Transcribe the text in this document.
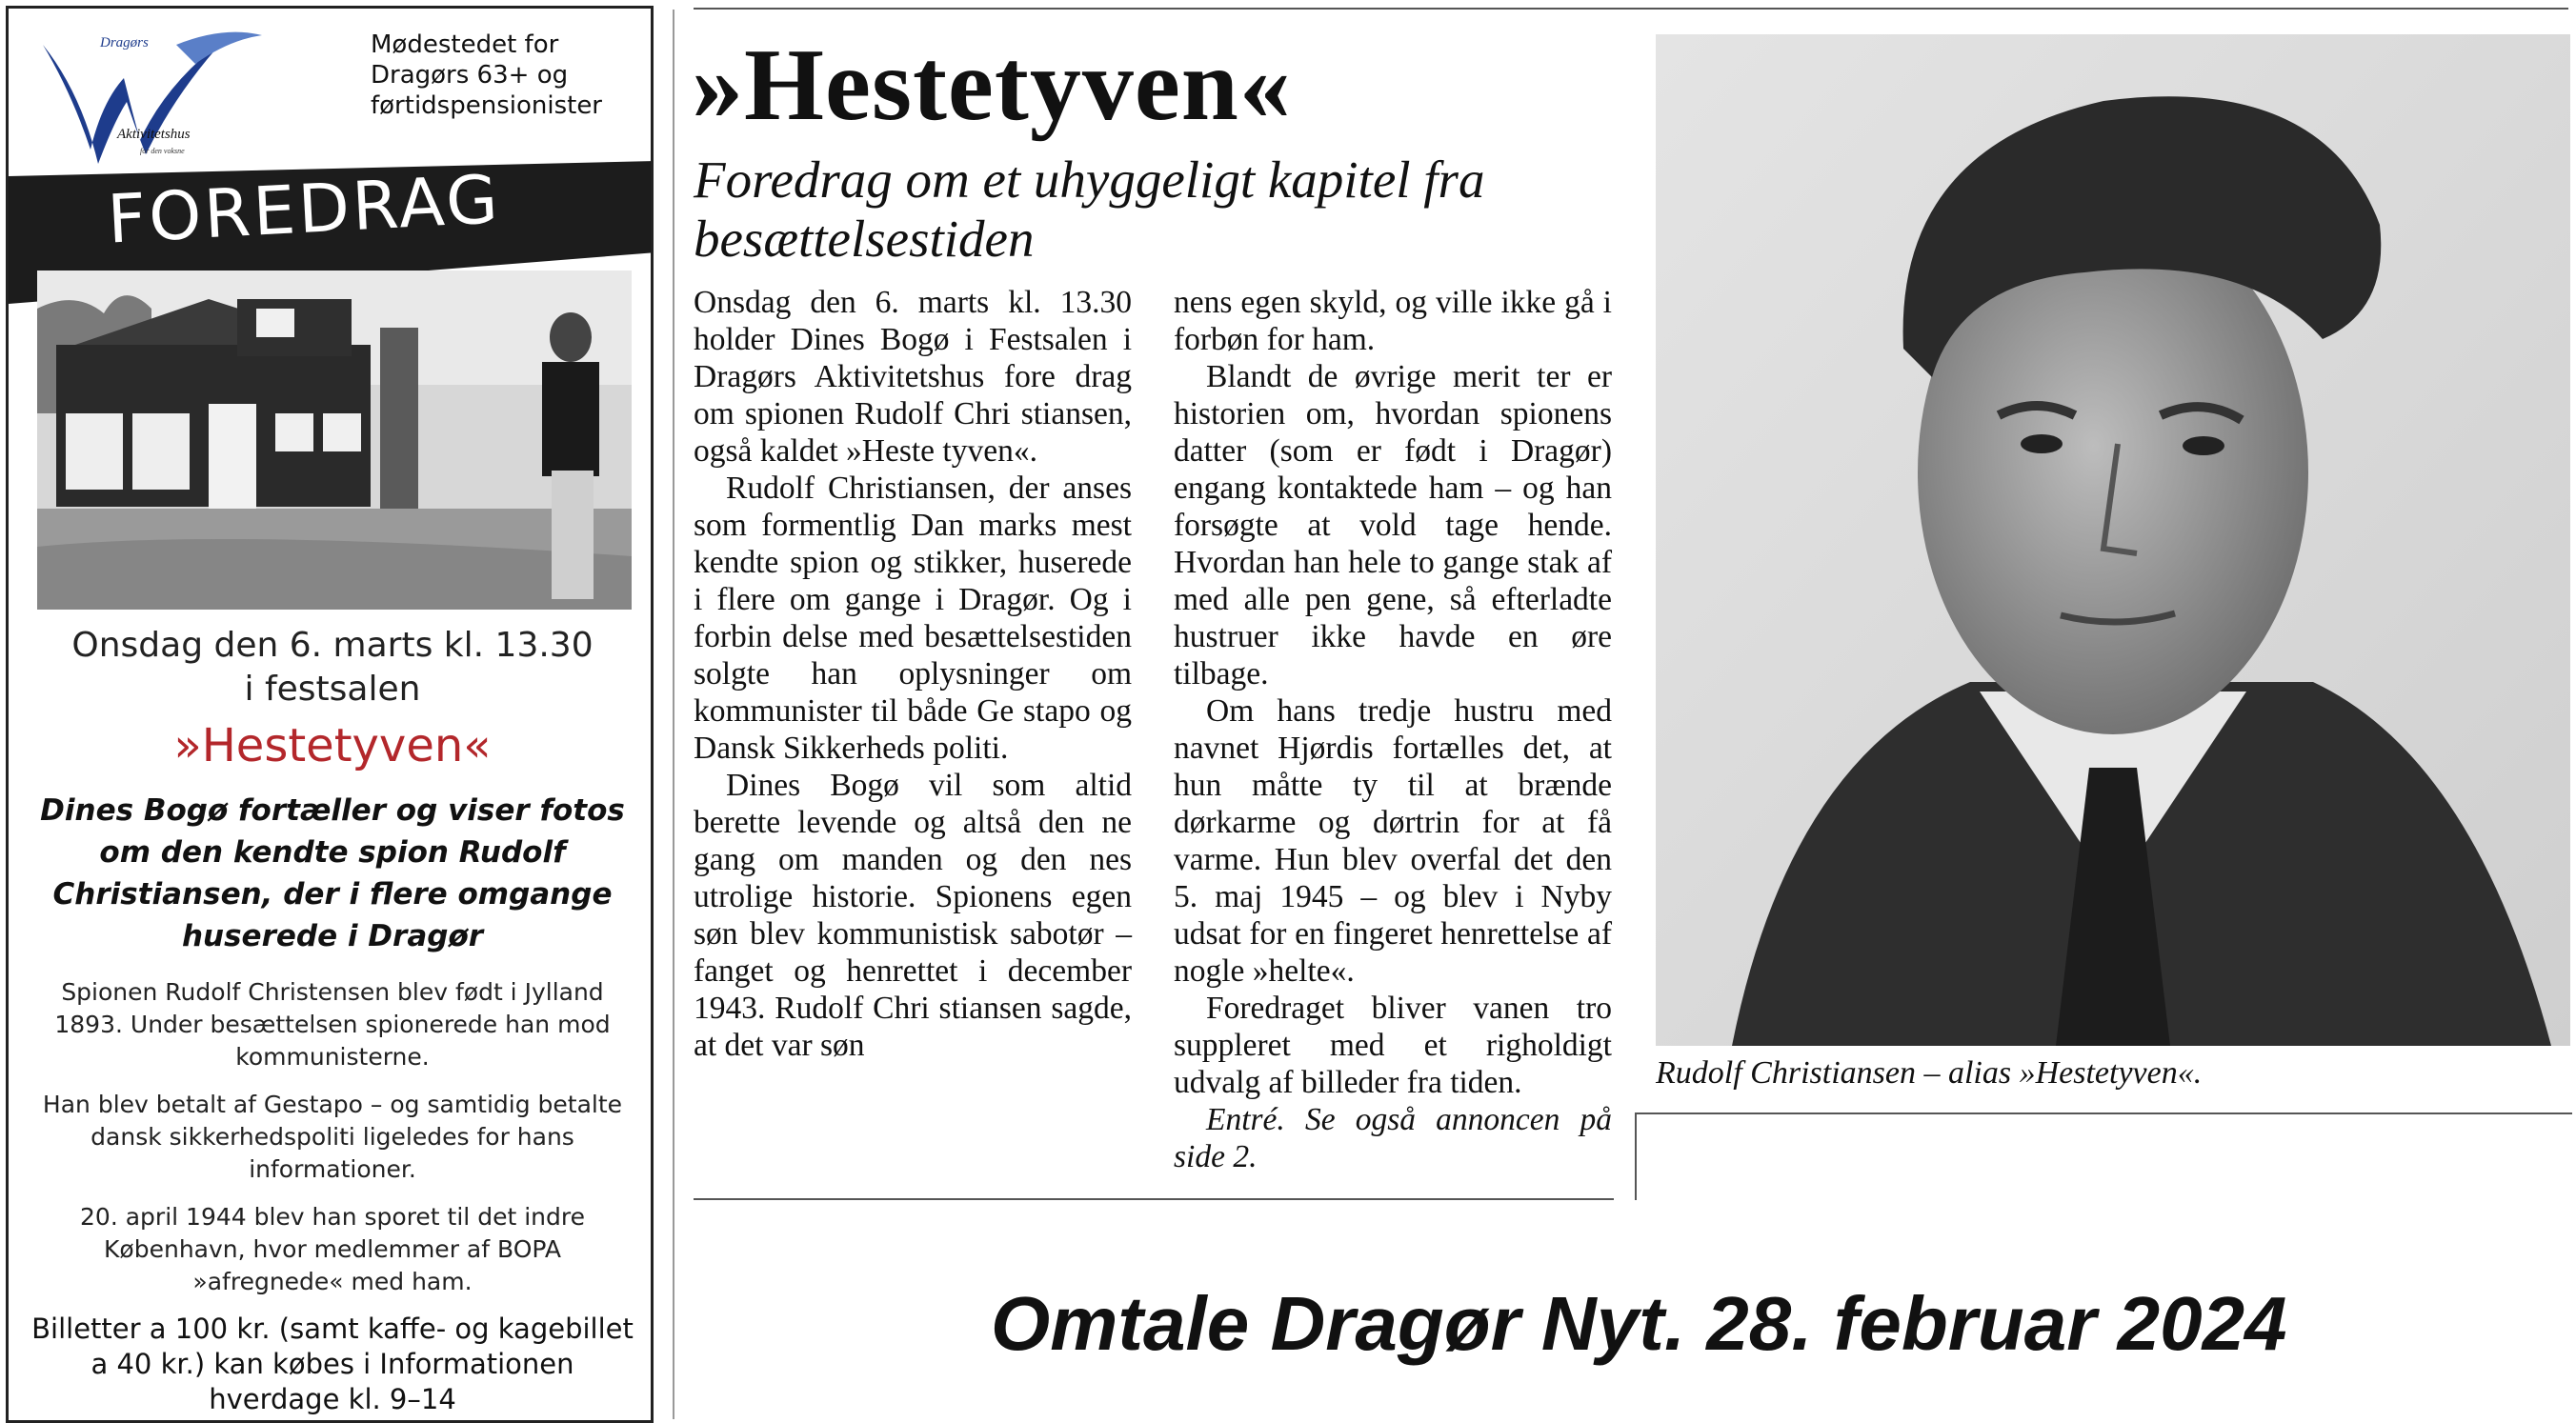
Dragørs
Aktivitetshus
for den voksne
Mødestedet for Dragørs 63+ og førtidspensionister
FOREDRAG
Onsdag den 6. marts kl. 13.30
i festsalen
»Hestetyven«
Dines Bogø fortæller og viser fotos om den kendte spion Rudolf Christiansen, der i flere omgange huserede i Dragør
Spionen Rudolf Christensen blev født i Jylland 1893. Under besættelsen spionerede han mod kommunisterne.
Han blev betalt af Gestapo – og samtidig betalte dansk sikkerhedspoliti ligeledes for hans informationer.
20. april 1944 blev han sporet til det indre København, hvor medlemmer af BOPA »afregnede« med ham.
Billetter a 100 kr. (samt kaffe- og kagebillet a 40 kr.) kan købes i Informationen hverdage kl. 9–14
»Hestetyven«
Foredrag om et uhyggeligt kapitel fra besættelsestiden

Onsdag den 6. marts kl. 13.30 holder Dines Bogø i Festsalen i Dragørs Aktivitetshus fore drag om spionen Rudolf Chri stiansen, også kaldet »Heste tyven«.

Rudolf Christiansen, der anses som formentlig Dan marks mest kendte spion og stikker, huserede i flere om gange i Dragør. Og i forbin delse med besættelsestiden solgte han oplysninger om kommunister til både Ge stapo og Dansk Sikkerheds politi.

Dines Bogø vil som altid berette levende og altså den ne gang om manden og den nes utrolige historie. Spionens egen søn blev kommunistisk sabotør – fanget og henrettet i december 1943. Rudolf Chri stiansen sagde, at det var søn

nens egen skyld, og ville ikke gå i forbøn for ham.

Blandt de øvrige merit ter er historien om, hvordan spionens datter (som er født i Dragør) engang kontaktede ham – og han forsøgte at vold tage hende. Hvordan han hele to gange stak af med alle pen gene, så efterladte hustruer ikke havde en øre tilbage.

Om hans tredje hustru med navnet Hjørdis fortælles det, at hun måtte ty til at brænde dørkarme og dørtrin for at få varme. Hun blev overfal det den 5. maj 1945 – og blev i Nyby udsat for en fingeret henrettelse af nogle »helte«.

Foredraget bliver vanen tro suppleret med et righoldigt udvalg af billeder fra tiden.

Entré. Se også annoncen på side 2.

Rudolf Christiansen – alias »Hestetyven«.
Omtale Dragør Nyt. 28. februar 2024
